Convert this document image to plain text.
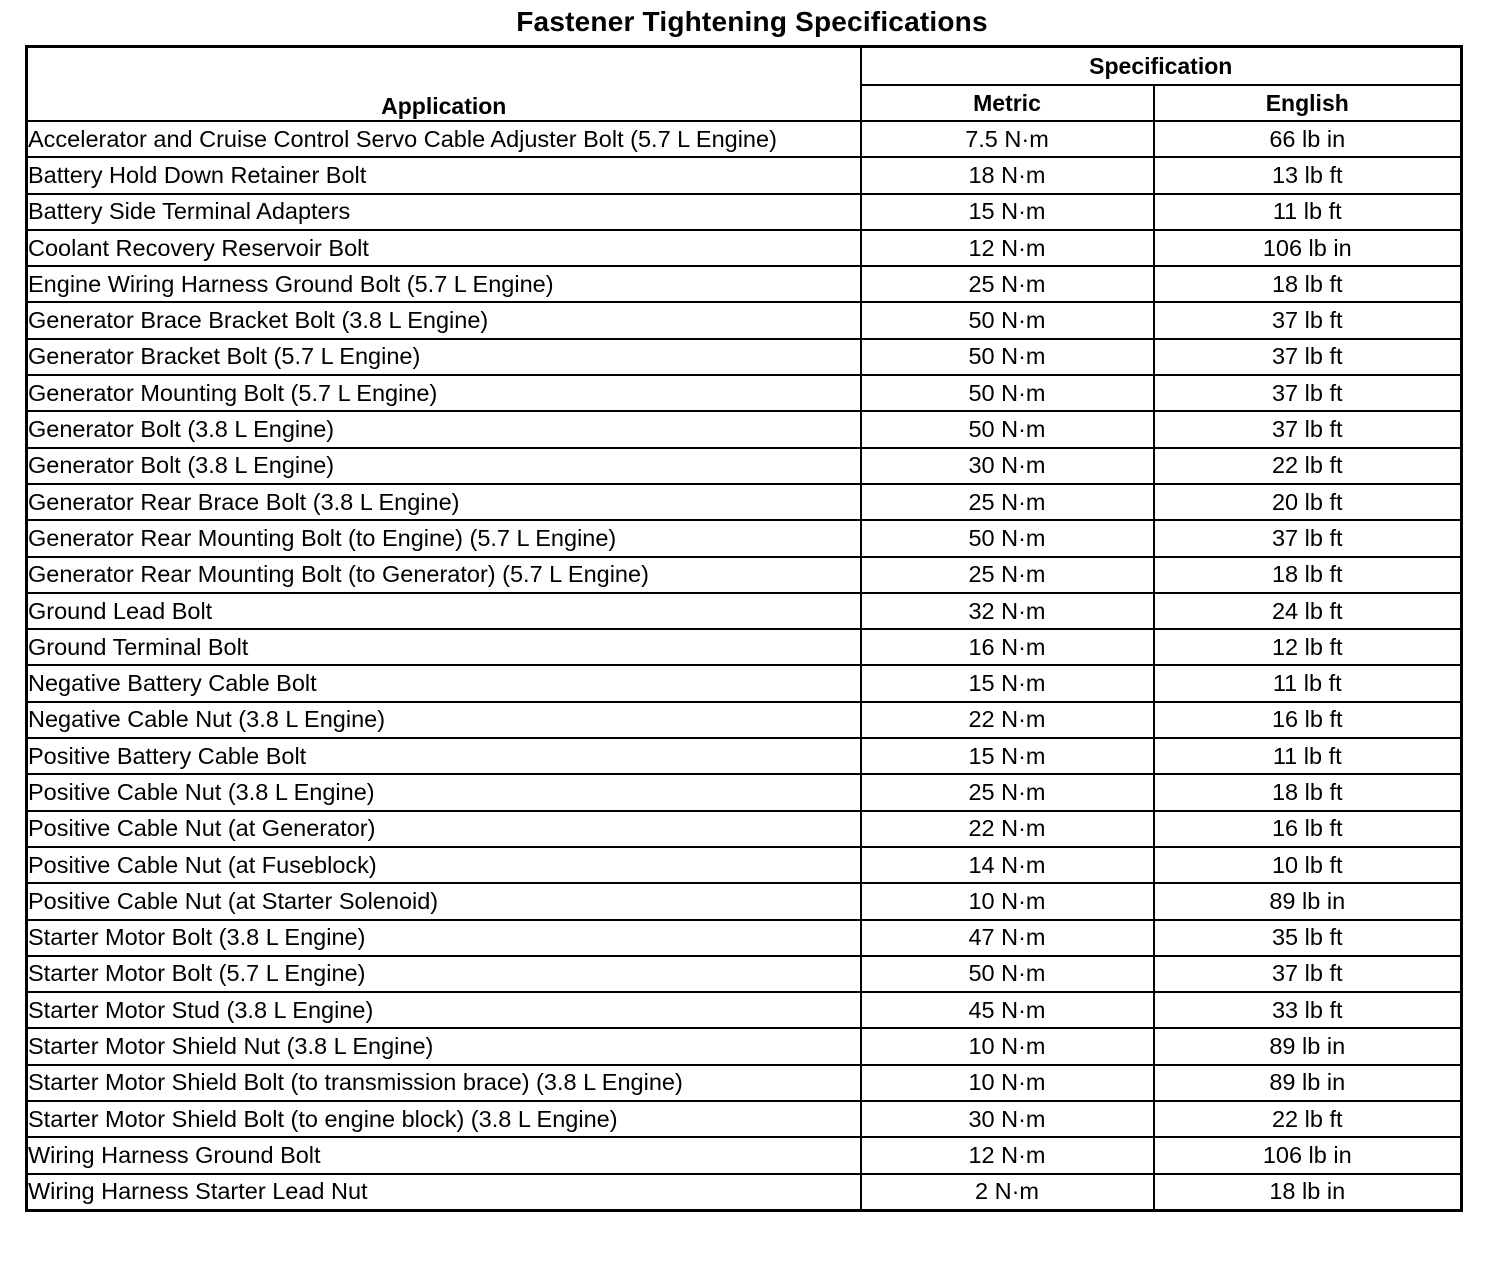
Fastener Tightening Specifications
Application	Specification	
	Metric	English
Accelerator and Cruise Control Servo Cable Adjuster Bolt (5.7 L Engine)	7.5 N·m	66 lb in
Battery Hold Down Retainer Bolt	18 N·m	13 lb ft
Battery Side Terminal Adapters	15 N·m	11 lb ft
Coolant Recovery Reservoir Bolt	12 N·m	106 lb in
Engine Wiring Harness Ground Bolt (5.7 L Engine)	25 N·m	18 lb ft
Generator Brace Bracket Bolt (3.8 L Engine)	50 N·m	37 lb ft
Generator Bracket Bolt (5.7 L Engine)	50 N·m	37 lb ft
Generator Mounting Bolt (5.7 L Engine)	50 N·m	37 lb ft
Generator Bolt (3.8 L Engine)	50 N·m	37 lb ft
Generator Bolt (3.8 L Engine)	30 N·m	22 lb ft
Generator Rear Brace Bolt (3.8 L Engine)	25 N·m	20 lb ft
Generator Rear Mounting Bolt (to Engine) (5.7 L Engine)	50 N·m	37 lb ft
Generator Rear Mounting Bolt (to Generator) (5.7 L Engine)	25 N·m	18 lb ft
Ground Lead Bolt	32 N·m	24 lb ft
Ground Terminal Bolt	16 N·m	12 lb ft
Negative Battery Cable Bolt	15 N·m	11 lb ft
Negative Cable Nut (3.8 L Engine)	22 N·m	16 lb ft
Positive Battery Cable Bolt	15 N·m	11 lb ft
Positive Cable Nut (3.8 L Engine)	25 N·m	18 lb ft
Positive Cable Nut (at Generator)	22 N·m	16 lb ft
Positive Cable Nut (at Fuseblock)	14 N·m	10 lb ft
Positive Cable Nut (at Starter Solenoid)	10 N·m	89 lb in
Starter Motor Bolt (3.8 L Engine)	47 N·m	35 lb ft
Starter Motor Bolt (5.7 L Engine)	50 N·m	37 lb ft
Starter Motor Stud (3.8 L Engine)	45 N·m	33 lb ft
Starter Motor Shield Nut (3.8 L Engine)	10 N·m	89 lb in
Starter Motor Shield Bolt (to transmission brace) (3.8 L Engine)	10 N·m	89 lb in
Starter Motor Shield Bolt (to engine block) (3.8 L Engine)	30 N·m	22 lb ft
Wiring Harness Ground Bolt	12 N·m	106 lb in
Wiring Harness Starter Lead Nut	2 N·m	18 lb in
